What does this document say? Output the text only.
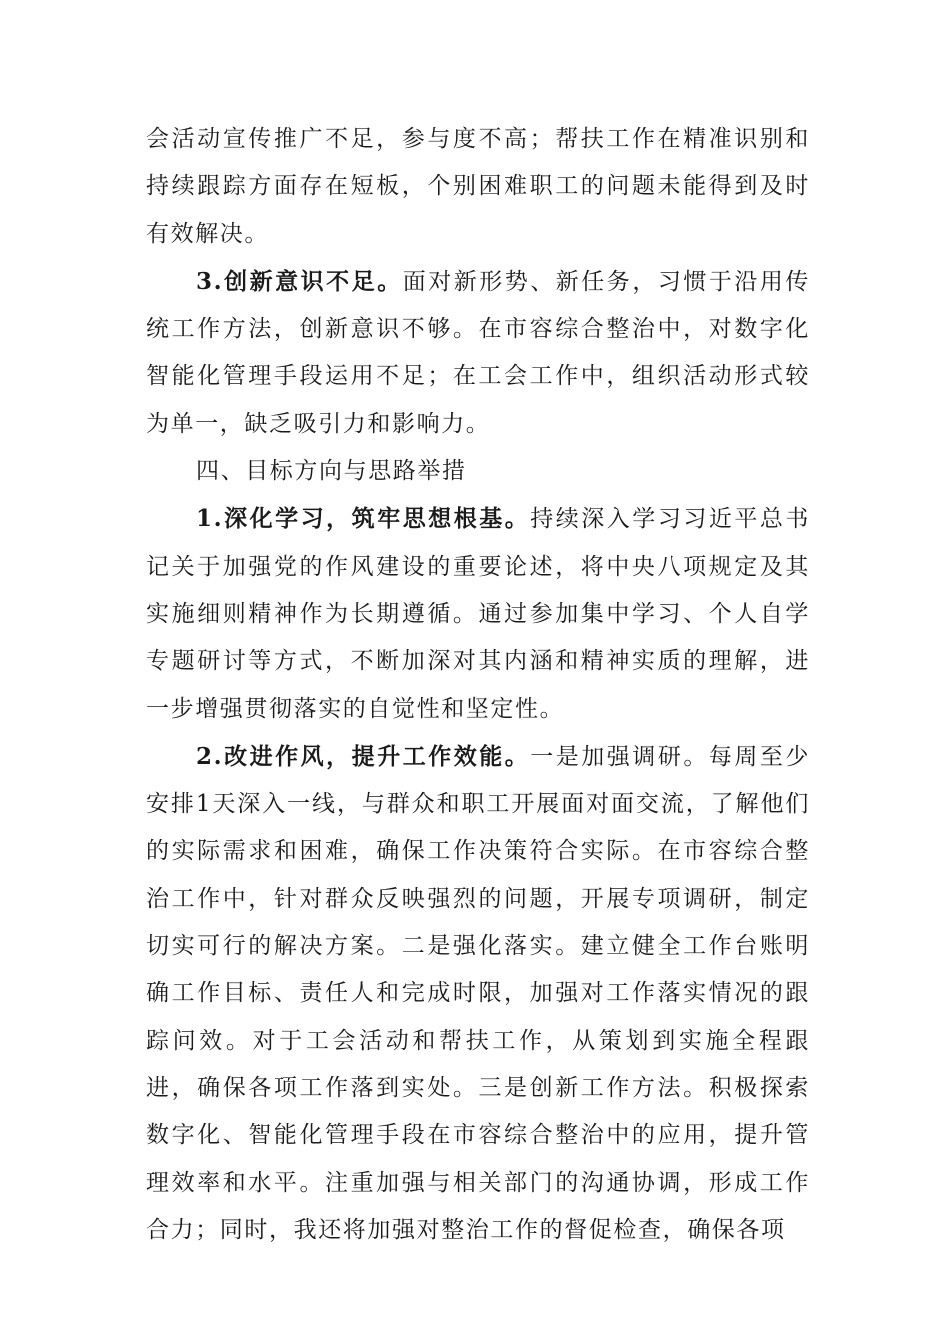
会活动宣传推广不足，参与度不高；帮扶工作在精准识别和持续跟踪方面存在短板，个别困难职工的问题未能得到及时有效解决。

3.创新意识不足。面对新形势、新任务，习惯于沿用传统工作方法，创新意识不够。在市容综合整治中，对数字化智能化管理手段运用不足；在工会工作中，组织活动形式较为单一，缺乏吸引力和影响力。

四、目标方向与思路举措

1.深化学习，筑牢思想根基。持续深入学习习近平总书记关于加强党的作风建设的重要论述，将中央八项规定及其实施细则精神作为长期遵循。通过参加集中学习、个人自学专题研讨等方式，不断加深对其内涵和精神实质的理解，进一步增强贯彻落实的自觉性和坚定性。

2.改进作风，提升工作效能。一是加强调研。每周至少安排1天深入一线，与群众和职工开展面对面交流，了解他们的实际需求和困难，确保工作决策符合实际。在市容综合整治工作中，针对群众反映强烈的问题，开展专项调研，制定切实可行的解决方案。二是强化落实。建立健全工作台账明确工作目标、责任人和完成时限，加强对工作落实情况的跟踪问效。对于工会活动和帮扶工作，从策划到实施全程跟进，确保各项工作落到实处。三是创新工作方法。积极探索数字化、智能化管理手段在市容综合整治中的应用，提升管理效率和水平。注重加强与相关部门的沟通协调，形成工作合力；同时，我还将加强对整治工作的督促检查，确保各项
